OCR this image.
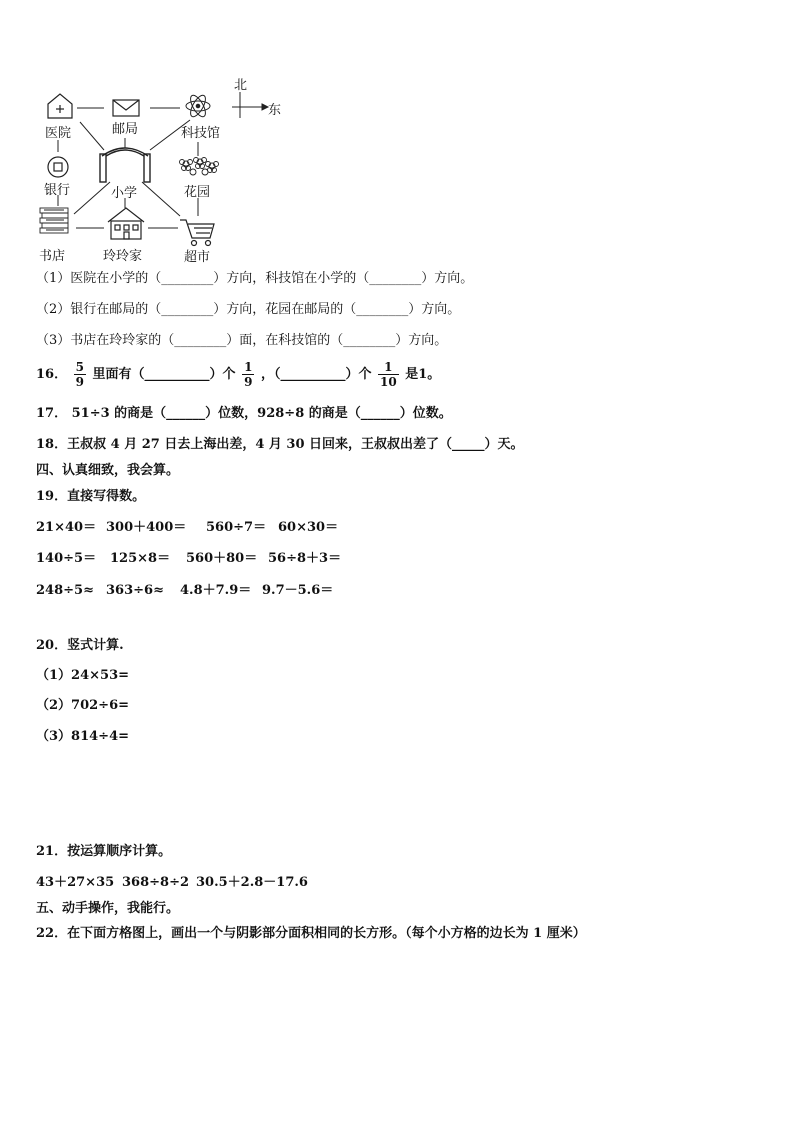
北
东
医院	邮局	科技馆
银行	小学	花园
书店	玲玲家	超市
（1）医院在小学的（________）方向，科技馆在小学的（________）方向。
（2）银行在邮局的（________）方向，花园在邮局的（________）方向。
（3）书店在玲玲家的（________）面，在科技馆的（________）方向。
16． $\frac{5}{9}$ 里面有（__________）个 $\frac{1}{9}$ ，（__________）个 $\frac{1}{10}$ 是1。
17． 51÷3 的商是（______）位数，928÷8 的商是（______）位数。
18．王叔叔 4 月 27 日去上海出差，4 月 30 日回来，王叔叔出差了（_____）天。
四、认真细致，我会算。
19．直接写得数。
21×40＝ 300＋400＝ 560÷7＝ 60×30＝
140÷5＝ 125×8＝ 560＋80＝ 56÷8＋3＝
248÷5≈ 363÷6≈ 4.8＋7.9＝ 9.7－5.6＝
20．竖式计算.
（1）24×53=
（2）702÷6=
（3）814÷4=
21．按运算顺序计算。
43＋27×35 368÷8÷2 30.5＋2.8－17.6
五、动手操作，我能行。
22．在下面方格图上，画出一个与阴影部分面积相同的长方形。（每个小方格的边长为 1 厘米）
